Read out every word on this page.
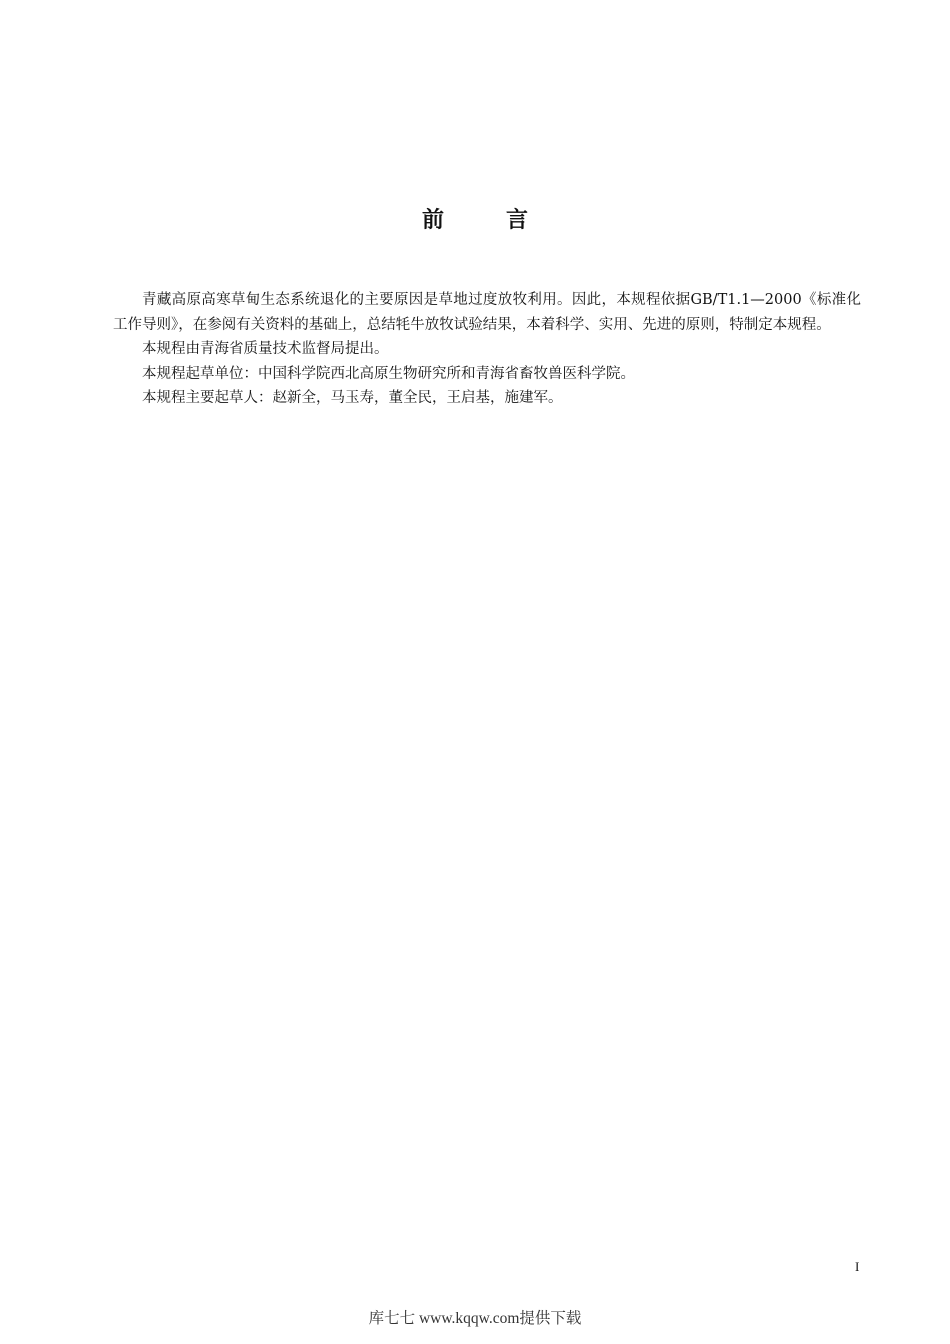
前	言

青藏高原高寒草甸生态系统退化的主要原因是草地过度放牧利用。因此，本规程依据GB/T1.1—2000《标准化工作导则》，在参阅有关资料的基础上，总结牦牛放牧试验结果，本着科学、实用、先进的原则，特制定本规程。

本规程由青海省质量技术监督局提出。

本规程起草单位：中国科学院西北高原生物研究所和青海省畜牧兽医科学院。

本规程主要起草人：赵新全，马玉寿，董全民，王启基，施建军。

I
库七七 www.kqqw.com提供下载
